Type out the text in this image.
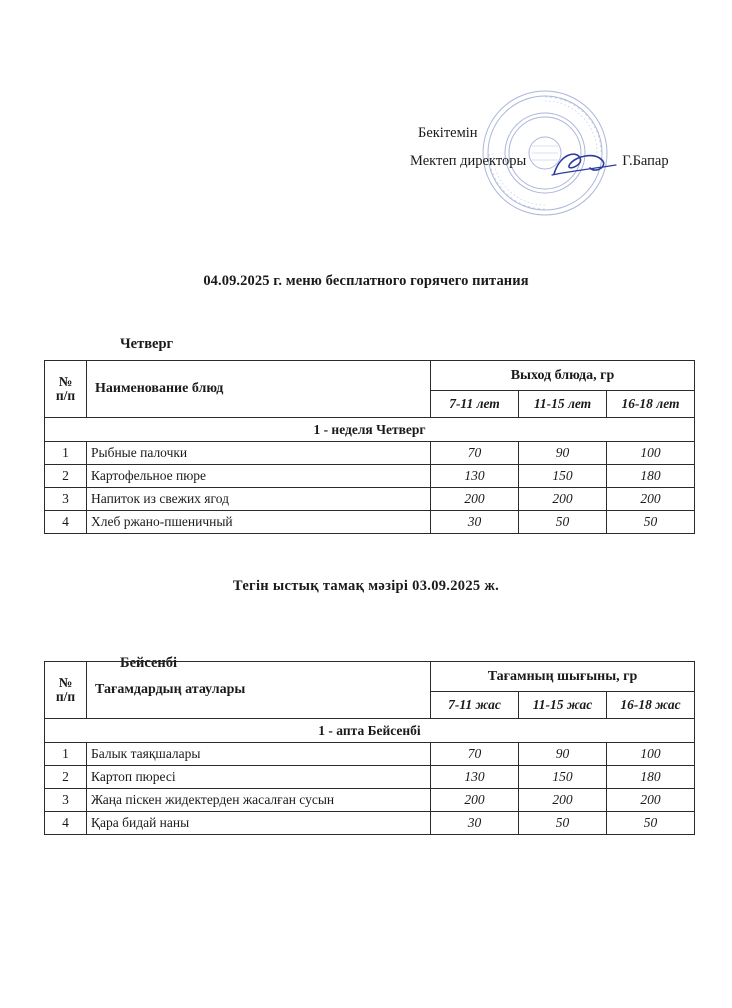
Бекітемін
Мектеп директоры	Г.Бапар
04.09.2025 г. меню бесплатного горячего питания
Четверг
№
п/п	Наименование блюд	Выход блюда, гр		
		7-11 лет	11-15 лет	16-18 лет
1 - неделя Четверг				
1	Рыбные палочки	70	90	100
2	Картофельное пюре	130	150	180
3	Напиток из свежих ягод	200	200	200
4	Хлеб ржано-пшеничный	30	50	50
Тегін ыстық тамақ мәзірі 03.09.2025 ж.
Бейсенбі
№
п/п	Тағамдардың атаулары	Тағамның шығыны, гр		
		7-11 жас	11-15 жас	16-18 жас
1 - апта Бейсенбі				
1	Балык таяқшалары	70	90	100
2	Картоп пюресі	130	150	180
3	Жаңа піскен жидектерден жасалған сусын	200	200	200
4	Қара бидай наны	30	50	50
